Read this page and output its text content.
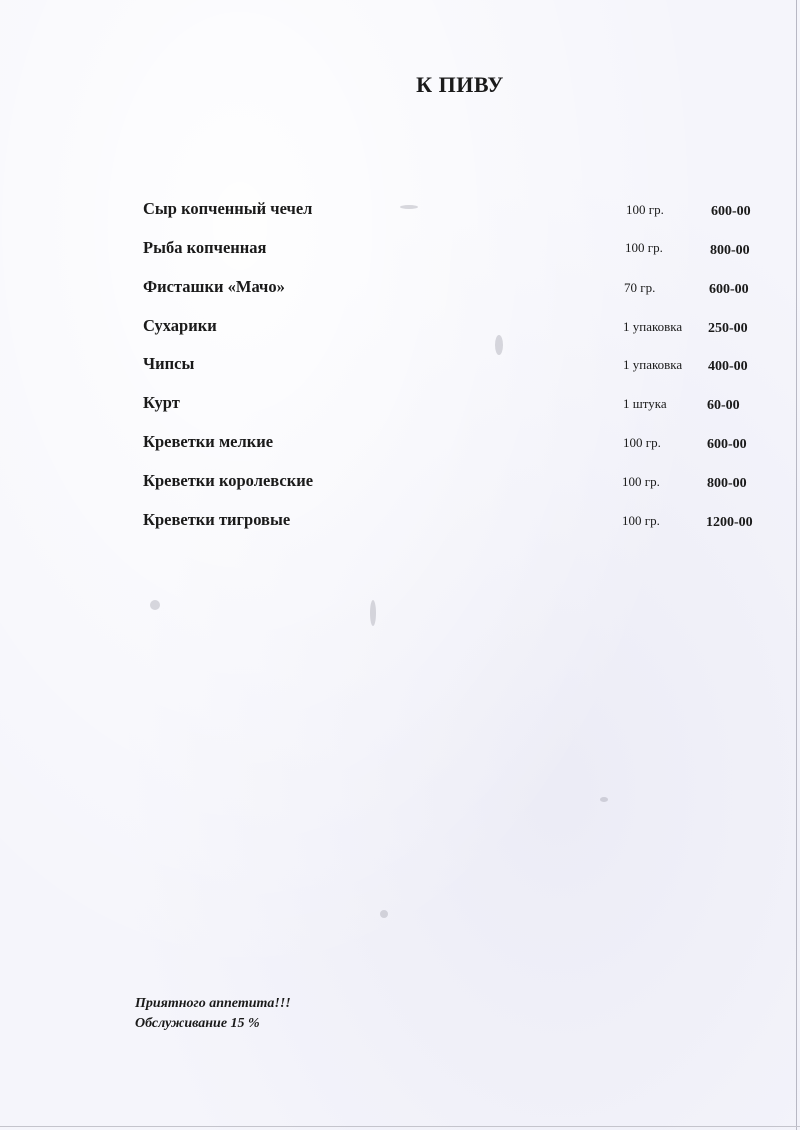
К ПИВУ
Сыр копченный чечел	100 гр.	600-00
Рыба копченная	100 гр.	800-00
Фисташки «Мачо»	70 гр.	600-00
Сухарики	1 упаковка 250-00
Чипсы	1 упаковка 400-00
Курт	1 штука	60-00
Креветки мелкие	100 гр.	600-00
Креветки королевские	100 гр.	800-00
Креветки тигровые	100 гр.	1200-00
Приятного аппетита!!!
Обслуживание 15 %
